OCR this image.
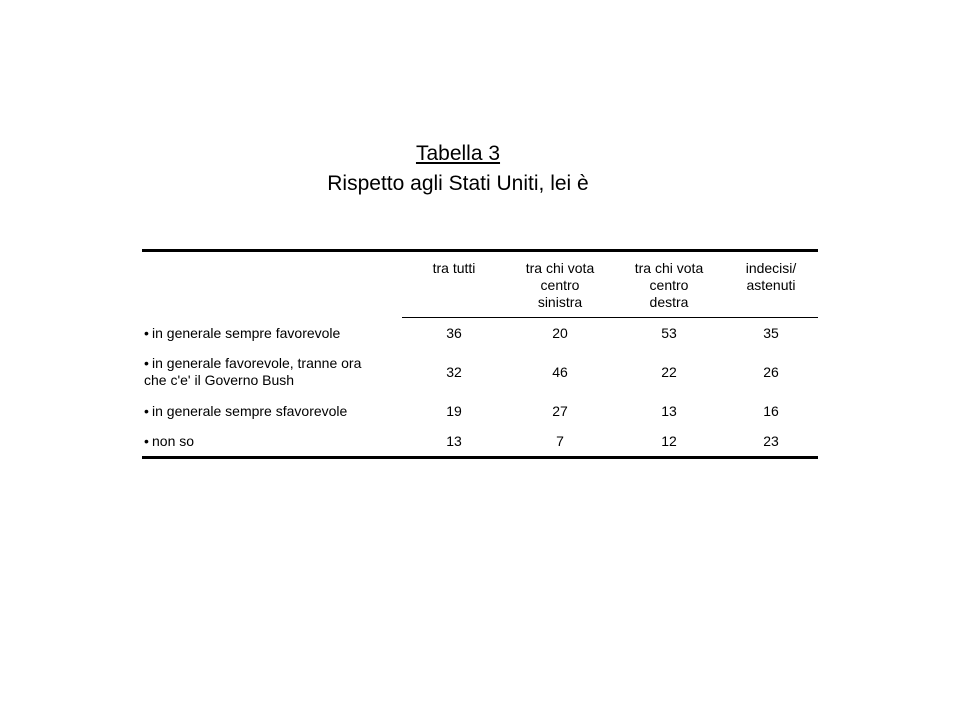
Tabella 3
Rispetto agli Stati Uniti, lei è
	tra tutti	tra chi vota
centro
sinistra	tra chi vota
centro
destra	indecisi/
astenuti
• in generale sempre favorevole	36	20	53	35
• in generale favorevole, tranne ora
che c'e' il Governo Bush	32	46	22	26
• in generale sempre sfavorevole	19	27	13	16
• non so	13	7	12	23
